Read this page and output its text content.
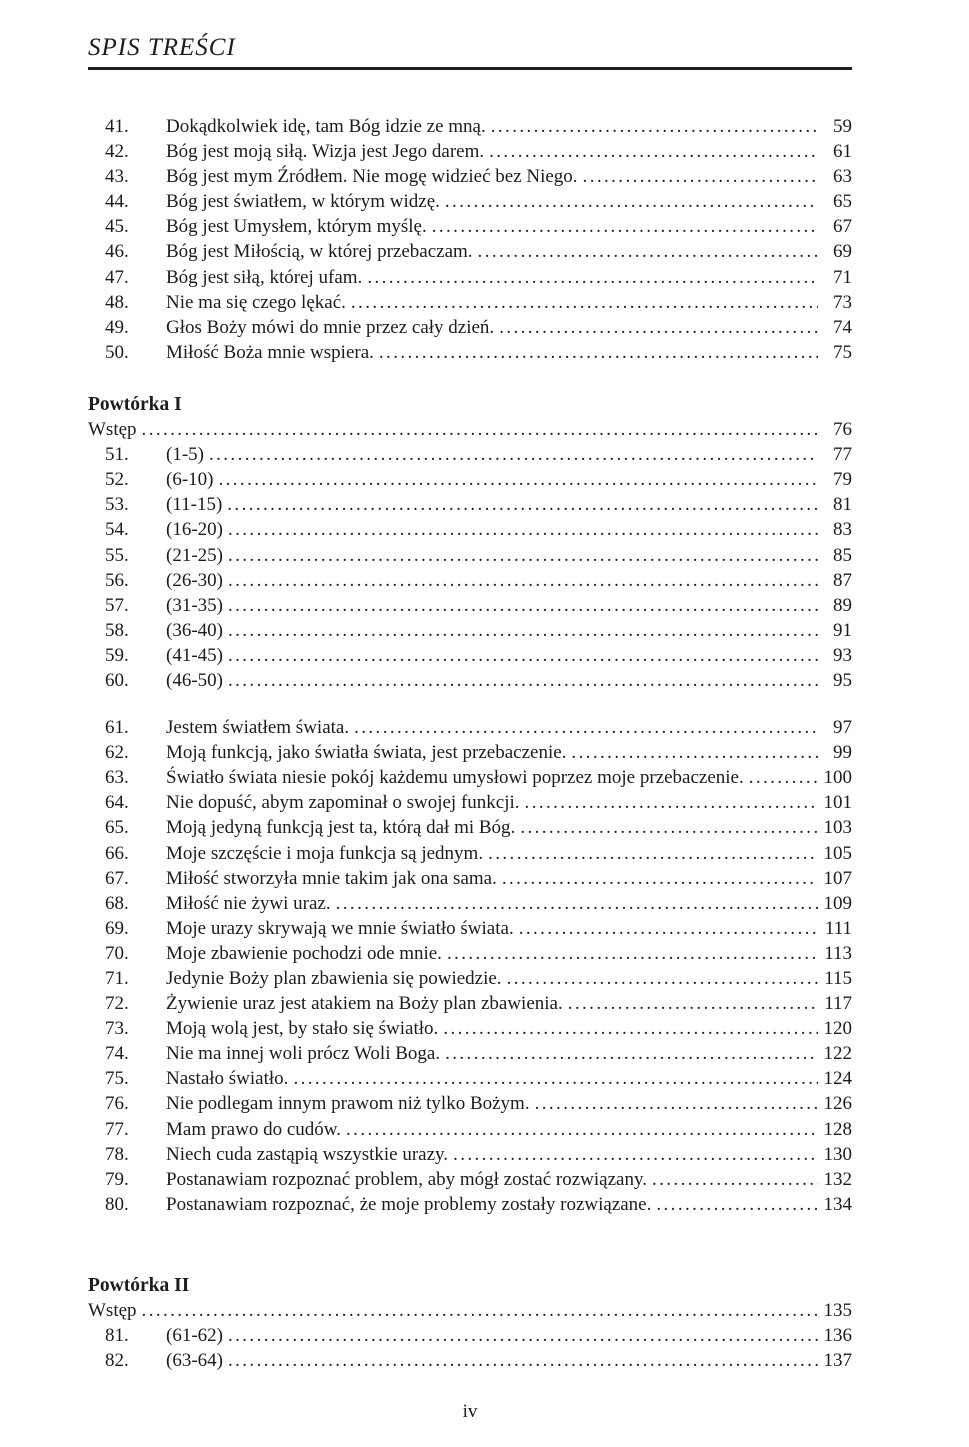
SPIS TREŚCI
41.	Dokądkolwiek idę, tam Bóg idzie ze mną. .....	59
42.	Bóg jest moją siłą. Wizja jest Jego darem. .....	61
43.	Bóg jest mym Źródłem. Nie mogę widzieć bez Niego. .....	63
44.	Bóg jest światłem, w którym widzę. .....	65
45.	Bóg jest Umysłem, którym myślę. .....	67
46.	Bóg jest Miłością, w której przebaczam. .....	69
47.	Bóg jest siłą, której ufam. .....	71
48.	Nie ma się czego lękać. .....	73
49.	Głos Boży mówi do mnie przez cały dzień. .....	74
50.	Miłość Boża mnie wspiera. .....	75
Powtórka I
Wstęp .....	76
51.	(1-5) .....	77
52.	(6-10) .....	79
53.	(11-15) .....	81
54.	(16-20) .....	83
55.	(21-25) .....	85
56.	(26-30) .....	87
57.	(31-35) .....	89
58.	(36-40) .....	91
59.	(41-45) .....	93
60.	(46-50) .....	95
61.	Jestem światłem świata. .....	97
62.	Moją funkcją, jako światła świata, jest przebaczenie. .....	99
63.	Światło świata niesie pokój każdemu umysłowi poprzez moje przebaczenie. .....	100
64.	Nie dopuść, abym zapominał o swojej funkcji. .....	101
65.	Moją jedyną funkcją jest ta, którą dał mi Bóg. .....	103
66.	Moje szczęście i moja funkcja są jednym. .....	105
67.	Miłość stworzyła mnie takim jak ona sama. .....	107
68.	Miłość nie żywi uraz. .....	109
69.	Moje urazy skrywają we mnie światło świata. .....	111
70.	Moje zbawienie pochodzi ode mnie. .....	113
71.	Jedynie Boży plan zbawienia się powiedzie. .....	115
72.	Żywienie uraz jest atakiem na Boży plan zbawienia. .....	117
73.	Moją wolą jest, by stało się światło. .....	120
74.	Nie ma innej woli prócz Woli Boga. .....	122
75.	Nastało światło. .....	124
76.	Nie podlegam innym prawom niż tylko Bożym. .....	126
77.	Mam prawo do cudów. .....	128
78.	Niech cuda zastąpią wszystkie urazy. .....	130
79.	Postanawiam rozpoznać problem, aby mógł zostać rozwiązany. .....	132
80.	Postanawiam rozpoznać, że moje problemy zostały rozwiązane. .....	134
Powtórka II
Wstęp .....	135
81.	(61-62) .....	136
82.	(63-64) .....	137
iv
